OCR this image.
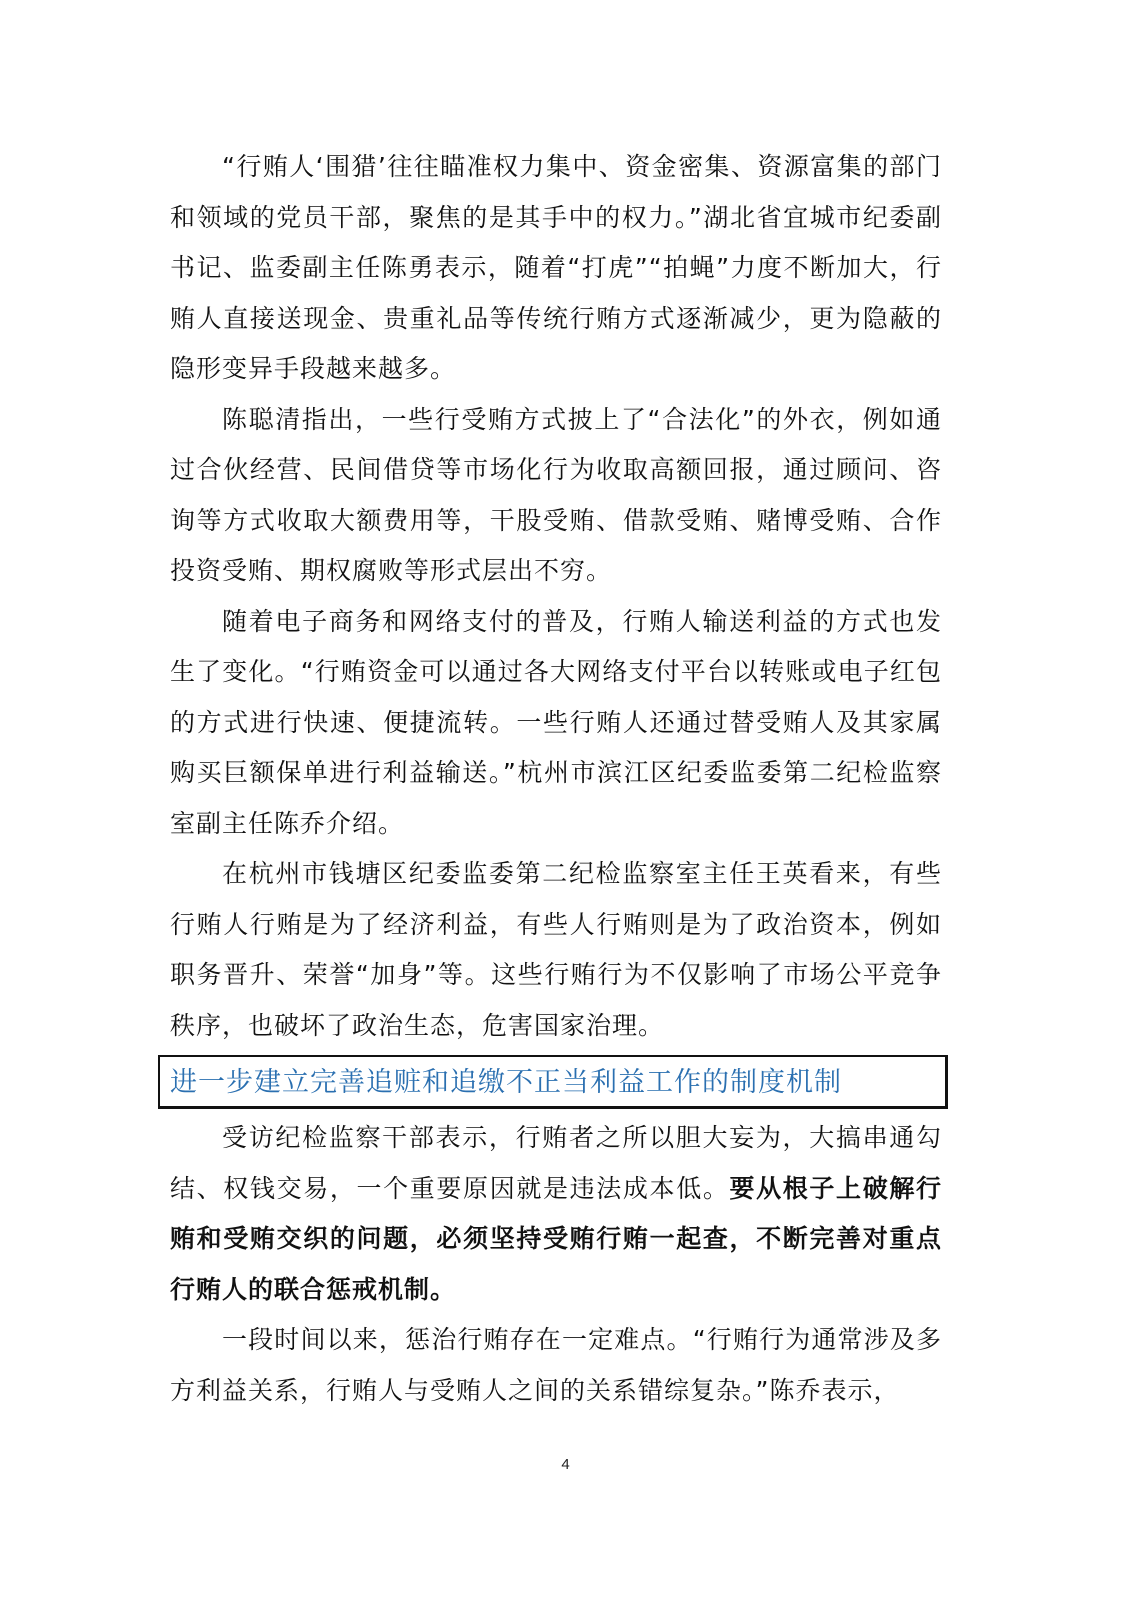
“行贿人‘围猎’往往瞄准权力集中、资金密集、资源富集的部门和领域的党员干部，聚焦的是其手中的权力。”湖北省宜城市纪委副书记、监委副主任陈勇表示，随着“打虎”“拍蝇”力度不断加大，行贿人直接送现金、贵重礼品等传统行贿方式逐渐减少，更为隐蔽的隐形变异手段越来越多。

陈聪清指出，一些行受贿方式披上了“合法化”的外衣，例如通过合伙经营、民间借贷等市场化行为收取高额回报，通过顾问、咨询等方式收取大额费用等，干股受贿、借款受贿、赌博受贿、合作投资受贿、期权腐败等形式层出不穷。

随着电子商务和网络支付的普及，行贿人输送利益的方式也发生了变化。“行贿资金可以通过各大网络支付平台以转账或电子红包的方式进行快速、便捷流转。一些行贿人还通过替受贿人及其家属购买巨额保单进行利益输送。”杭州市滨江区纪委监委第二纪检监察室副主任陈乔介绍。

在杭州市钱塘区纪委监委第二纪检监察室主任王英看来，有些行贿人行贿是为了经济利益，有些人行贿则是为了政治资本，例如职务晋升、荣誉“加身”等。这些行贿行为不仅影响了市场公平竞争秩序，也破坏了政治生态，危害国家治理。

进一步建立完善追赃和追缴不正当利益工作的制度机制

受访纪检监察干部表示，行贿者之所以胆大妄为，大搞串通勾结、权钱交易，一个重要原因就是违法成本低。要从根子上破解行贿和受贿交织的问题，必须坚持受贿行贿一起查，不断完善对重点行贿人的联合惩戒机制。

一段时间以来，惩治行贿存在一定难点。“行贿行为通常涉及多方利益关系，行贿人与受贿人之间的关系错综复杂。”陈乔表示，

4
